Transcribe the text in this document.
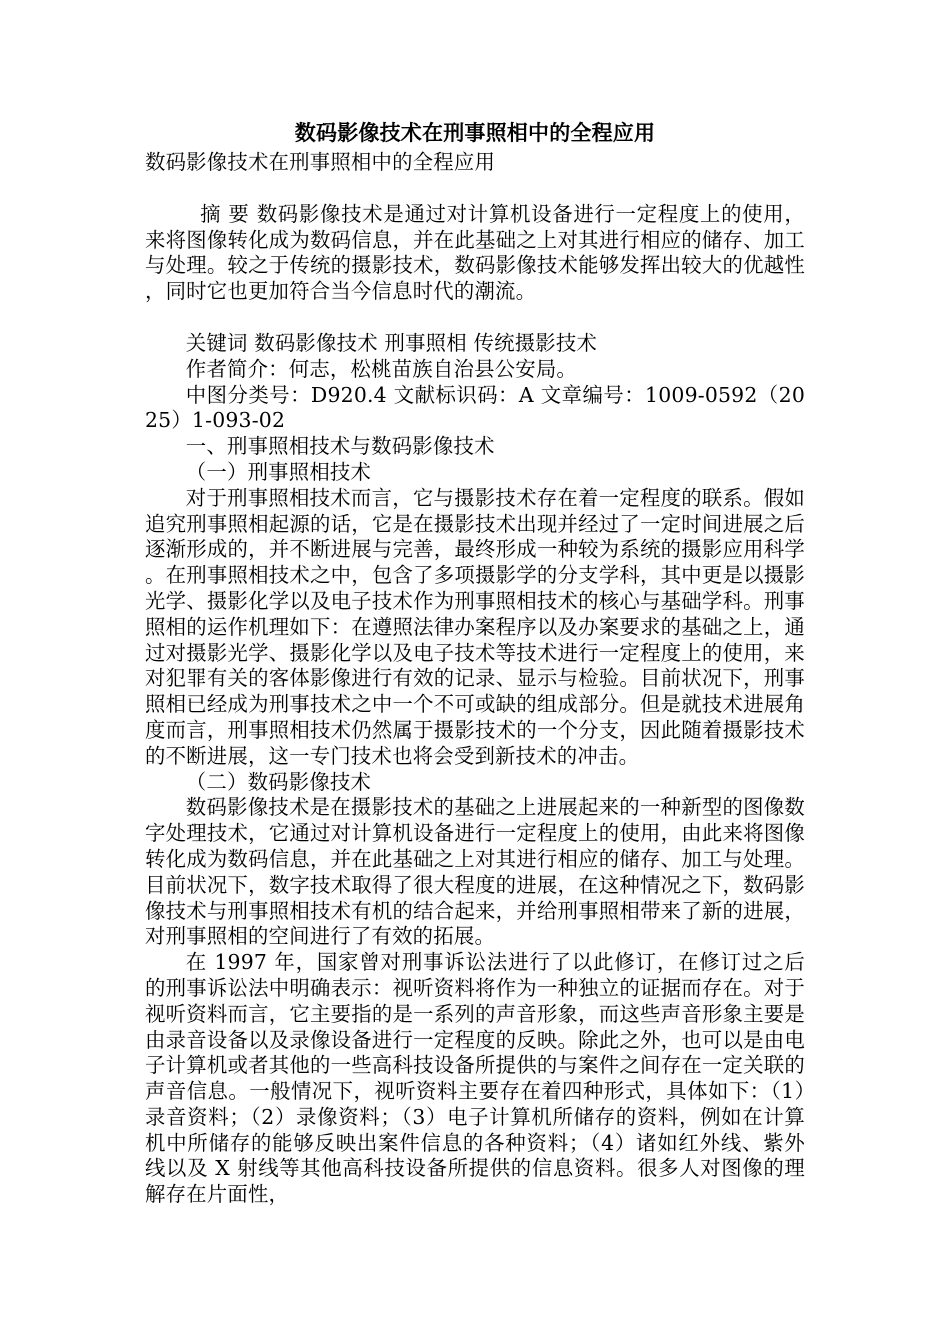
数码影像技术在刑事照相中的全程应用

数码影像技术在刑事照相中的全程应用

摘 要 数码影像技术是通过对计算机设备进行一定程度上的使用，来将图像转化成为数码信息，并在此基础之上对其进行相应的储存、加工与处理。较之于传统的摄影技术，数码影像技术能够发挥出较大的优越性，同时它也更加符合当今信息时代的潮流。

关键词 数码影像技术 刑事照相 传统摄影技术

作者简介：何志，松桃苗族自治县公安局。

中图分类号：D920.4 文献标识码：A 文章编号：1009-0592（2025）1-093-02

一、刑事照相技术与数码影像技术

（一）刑事照相技术

对于刑事照相技术而言，它与摄影技术存在着一定程度的联系。假如追究刑事照相起源的话，它是在摄影技术出现并经过了一定时间进展之后逐渐形成的，并不断进展与完善，最终形成一种较为系统的摄影应用科学。在刑事照相技术之中，包含了多项摄影学的分支学科，其中更是以摄影光学、摄影化学以及电子技术作为刑事照相技术的核心与基础学科。刑事照相的运作机理如下：在遵照法律办案程序以及办案要求的基础之上，通过对摄影光学、摄影化学以及电子技术等技术进行一定程度上的使用，来对犯罪有关的客体影像进行有效的记录、显示与检验。目前状况下，刑事照相已经成为刑事技术之中一个不可或缺的组成部分。但是就技术进展角度而言，刑事照相技术仍然属于摄影技术的一个分支，因此随着摄影技术的不断进展，这一专门技术也将会受到新技术的冲击。

（二）数码影像技术

数码影像技术是在摄影技术的基础之上进展起来的一种新型的图像数字处理技术，它通过对计算机设备进行一定程度上的使用，由此来将图像转化成为数码信息，并在此基础之上对其进行相应的储存、加工与处理。目前状况下，数字技术取得了很大程度的进展，在这种情况之下，数码影像技术与刑事照相技术有机的结合起来，并给刑事照相带来了新的进展，对刑事照相的空间进行了有效的拓展。

在 1997 年，国家曾对刑事诉讼法进行了以此修订，在修订过之后的刑事诉讼法中明确表示：视听资料将作为一种独立的证据而存在。对于视听资料而言，它主要指的是一系列的声音形象，而这些声音形象主要是由录音设备以及录像设备进行一定程度的反映。除此之外，也可以是由电子计算机或者其他的一些高科技设备所提供的与案件之间存在一定关联的声音信息。一般情况下，视听资料主要存在着四种形式，具体如下：（1）录音资料；（2）录像资料；（3）电子计算机所储存的资料，例如在计算机中所储存的能够反映出案件信息的各种资料；（4）诸如红外线、紫外线以及 X 射线等其他高科技设备所提供的信息资料。很多人对图像的理解存在片面性，
